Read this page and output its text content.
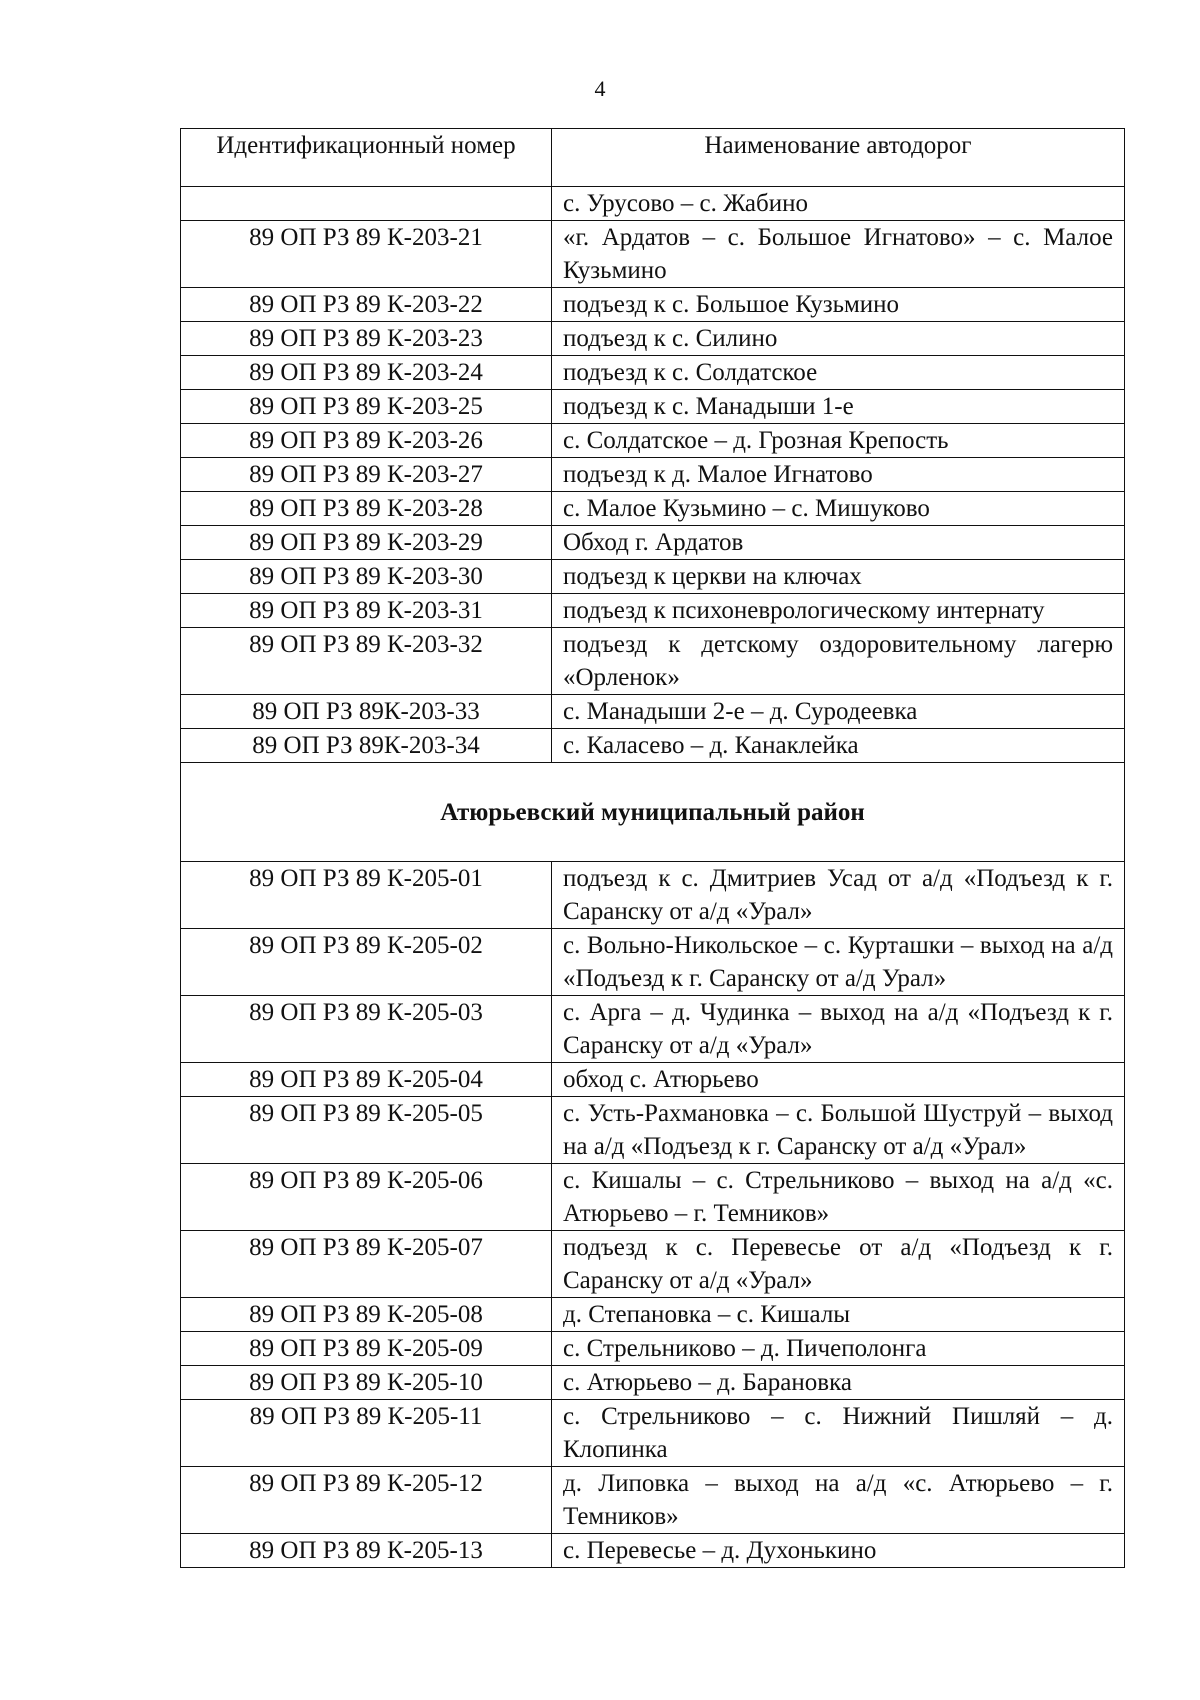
4
Идентификационный номер	Наименование автодорог
	с. Урусово – с. Жабино
89 ОП РЗ 89 К-203-21	«г. Ардатов – с. Большое Игнатово» – с. Малое Кузьмино
89 ОП РЗ 89 К-203-22	подъезд к с. Большое Кузьмино
89 ОП РЗ 89 К-203-23	подъезд к с. Силино
89 ОП РЗ 89 К-203-24	подъезд к с. Солдатское
89 ОП РЗ 89 К-203-25	подъезд к с. Манадыши 1-е
89 ОП РЗ 89 К-203-26	с. Солдатское – д. Грозная Крепость
89 ОП РЗ 89 К-203-27	подъезд к д. Малое Игнатово
89 ОП РЗ 89 К-203-28	с. Малое Кузьмино – с. Мишуково
89 ОП РЗ 89 К-203-29	Обход г. Ардатов
89 ОП РЗ 89 К-203-30	подъезд к церкви на ключах
89 ОП РЗ 89 К-203-31	подъезд к психоневрологическому интернату
89 ОП РЗ 89 К-203-32	подъезд к детскому оздоровительному лагерю «Орленок»
89 ОП РЗ 89К-203-33	с. Манадыши 2-е – д. Суродеевка
89 ОП РЗ 89К-203-34	с. Каласево – д. Канаклейка
Атюрьевский муниципальный район	
89 ОП РЗ 89 К-205-01	подъезд к с. Дмитриев Усад от а/д «Подъезд к г. Саранску от а/д «Урал»
89 ОП РЗ 89 К-205-02	с. Вольно-Никольское – с. Курташки – выход на а/д «Подъезд к г. Саранску от а/д Урал»
89 ОП РЗ 89 К-205-03	с. Арга – д. Чудинка – выход на а/д «Подъезд к г. Саранску от а/д «Урал»
89 ОП РЗ 89 К-205-04	обход с. Атюрьево
89 ОП РЗ 89 К-205-05	с. Усть-Рахмановка – с. Большой Шуструй – выход на а/д «Подъезд к г. Саранску от а/д «Урал»
89 ОП РЗ 89 К-205-06	с. Кишалы – с. Стрельниково – выход на а/д «с. Атюрьево – г. Темников»
89 ОП РЗ 89 К-205-07	подъезд к с. Перевесье от а/д «Подъезд к г. Саранску от а/д «Урал»
89 ОП РЗ 89 К-205-08	д. Степановка – с. Кишалы
89 ОП РЗ 89 К-205-09	с. Стрельниково – д. Пичеполонга
89 ОП РЗ 89 К-205-10	с. Атюрьево – д. Барановка
89 ОП РЗ 89 К-205-11	с. Стрельниково – с. Нижний Пишляй – д. Клопинка
89 ОП РЗ 89 К-205-12	д. Липовка – выход на а/д «с. Атюрьево – г. Темников»
89 ОП РЗ 89 К-205-13	с. Перевесье – д. Духонькино
